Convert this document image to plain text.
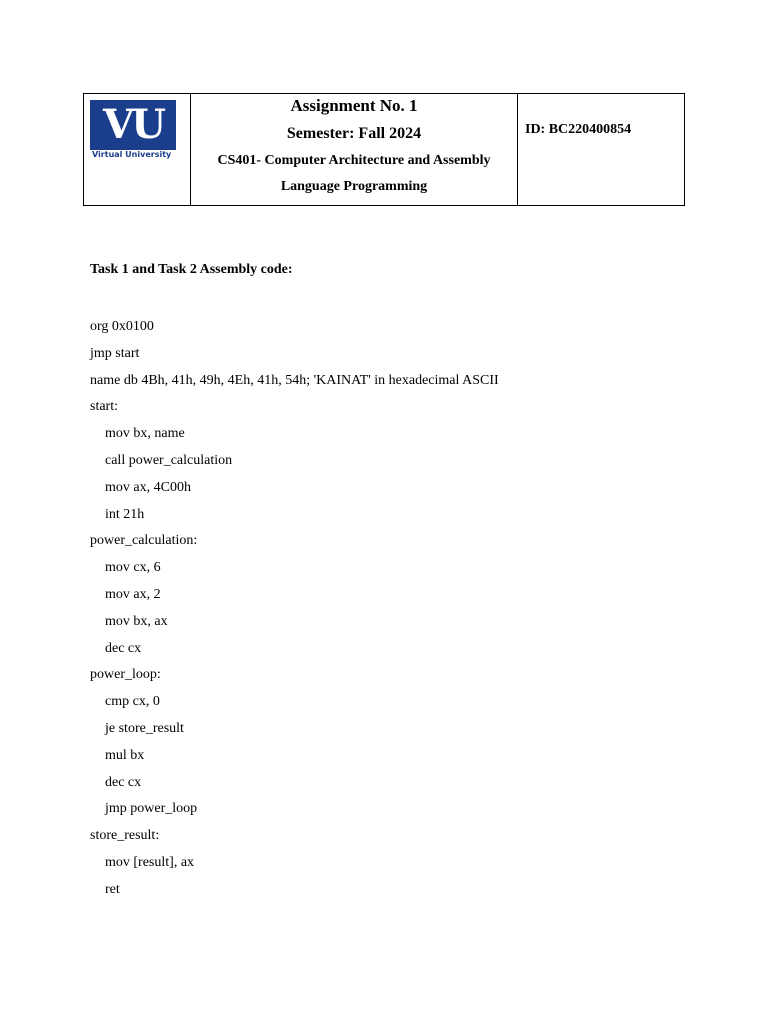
VU
Virtual University
Assignment No. 1
Semester: Fall 2024
CS401- Computer Architecture and Assembly Language Programming
ID: BC220400854
Task 1 and Task 2 Assembly code:
org 0x0100
jmp start
name db 4Bh, 41h, 49h, 4Eh, 41h, 54h; 'KAINAT' in hexadecimal ASCII
start:
mov bx, name
call power_calculation
mov ax, 4C00h
int 21h
power_calculation:
mov cx, 6
mov ax, 2
mov bx, ax
dec cx
power_loop:
cmp cx, 0
je store_result
mul bx
dec cx
jmp power_loop
store_result:
mov [result], ax
ret
